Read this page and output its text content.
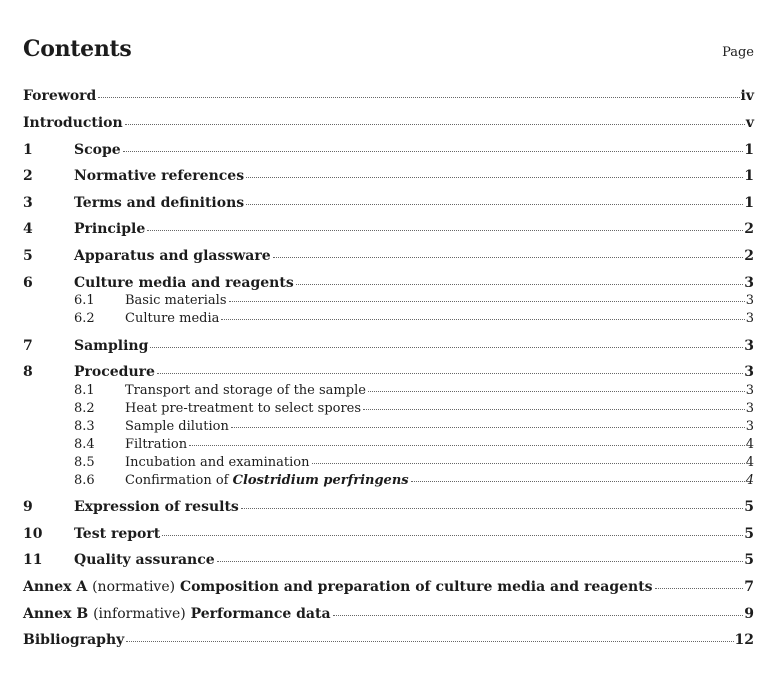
Contents	Page
Foreword	iv
Introduction	v
1	Scope	1
2	Normative references	1
3	Terms and definitions	1
4	Principle	2
5	Apparatus and glassware	2
6	Culture media and reagents	3
6.1	Basic materials	3
6.2	Culture media	3
7	Sampling	3
8	Procedure	3
8.1	Transport and storage of the sample	3
8.2	Heat pre-treatment to select spores	3
8.3	Sample dilution	3
8.4	Filtration	4
8.5	Incubation and examination	4
8.6	Confirmation of Clostridium perfringens	4
9	Expression of results	5
10	Test report	5
11	Quality assurance	5
Annex A (normative) Composition and preparation of culture media and reagents	7
Annex B (informative) Performance data	9
Bibliography	12
